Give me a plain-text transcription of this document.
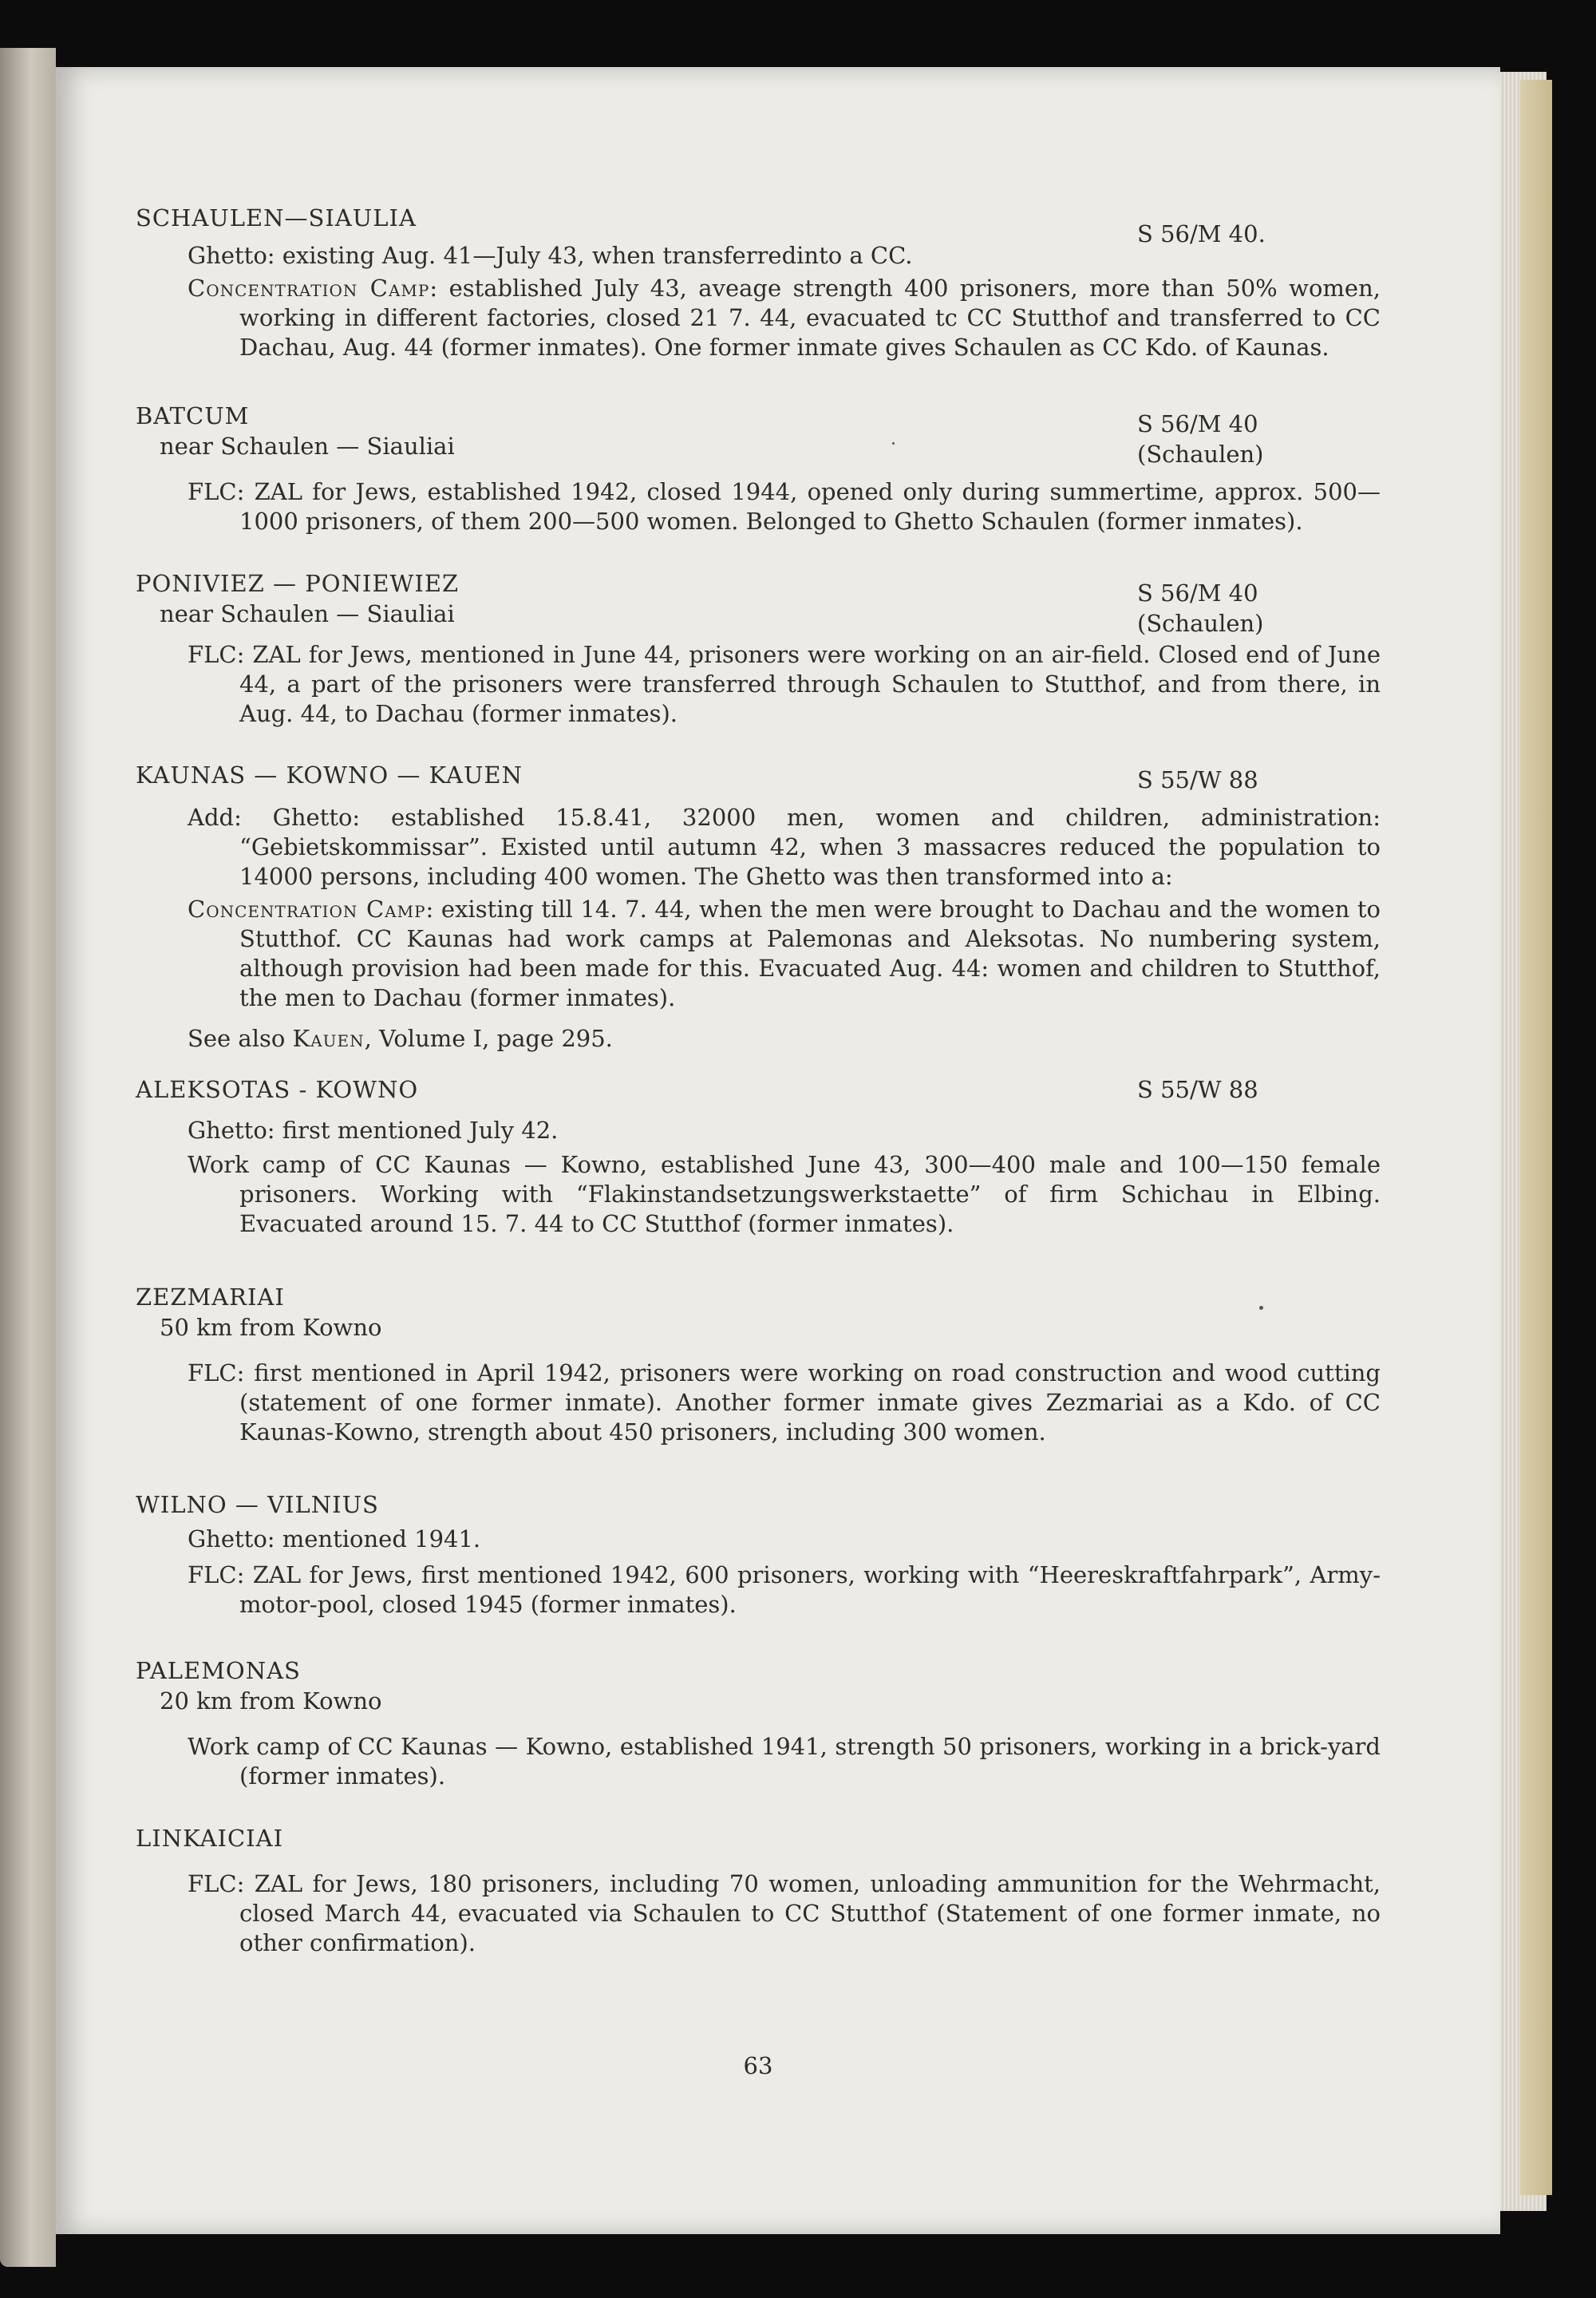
SCHAULEN—SIAULIA
S 56/M 40.
Ghetto: existing Aug. 41—July 43, when transferredinto a CC.
Concentration Camp: established July 43, aveage strength 400 prisoners, more than 50% women, working in different factories, closed 21 7. 44, evacuated tc CC Stutthof and transferred to CC Dachau, Aug. 44 (former inmates). One former inmate gives Schaulen as CC Kdo. of Kaunas.
BATCUM
near Schaulen — Siauliai
S 56/M 40
(Schaulen)
FLC: ZAL for Jews, established 1942, closed 1944, opened only during summertime, approx. 500—1000 prisoners, of them 200—500 women. Belonged to Ghetto Schaulen (former inmates).
PONIVIEZ — PONIEWIEZ
near Schaulen — Siauliai
S 56/M 40
(Schaulen)
FLC: ZAL for Jews, mentioned in June 44, prisoners were working on an air-field. Closed end of June 44, a part of the prisoners were transferred through Schaulen to Stutthof, and from there, in Aug. 44, to Dachau (former inmates).
KAUNAS — KOWNO — KAUEN	S 55/W 88
Add: Ghetto: established 15.8.41, 32000 men, women and children, administration: “Gebietskommissar”. Existed until autumn 42, when 3 massacres reduced the population to 14000 persons, including 400 women. The Ghetto was then transformed into a:
Concentration Camp: existing till 14. 7. 44, when the men were brought to Dachau and the women to Stutthof. CC Kaunas had work camps at Palemonas and Aleksotas. No numbering system, although provision had been made for this. Evacuated Aug. 44: women and children to Stutthof, the men to Dachau (former inmates).
See also Kauen, Volume I, page 295.
ALEKSOTAS - KOWNO	S 55/W 88
Ghetto: first mentioned July 42.
Work camp of CC Kaunas — Kowno, established June 43, 300—400 male and 100—150 female prisoners. Working with “Flakinstandsetzungswerkstaette” of firm Schichau in Elbing. Evacuated around 15. 7. 44 to CC Stutthof (former inmates).
ZEZMARIAI
50 km from Kowno
FLC: first mentioned in April 1942, prisoners were working on road construction and wood cutting (statement of one former inmate). Another former inmate gives Zezmariai as a Kdo. of CC Kaunas-Kowno, strength about 450 prisoners, including 300 women.
WILNO — VILNIUS
Ghetto: mentioned 1941.
FLC: ZAL for Jews, first mentioned 1942, 600 prisoners, working with “Heereskraftfahrpark”, Army-motor-pool, closed 1945 (former inmates).
PALEMONAS
20 km from Kowno
Work camp of CC Kaunas — Kowno, established 1941, strength 50 prisoners, working in a brick-yard (former inmates).
LINKAICIAI
FLC: ZAL for Jews, 180 prisoners, including 70 women, unloading ammunition for the Wehrmacht, closed March 44, evacuated via Schaulen to CC Stutthof (Statement of one former inmate, no other confirmation).
63
